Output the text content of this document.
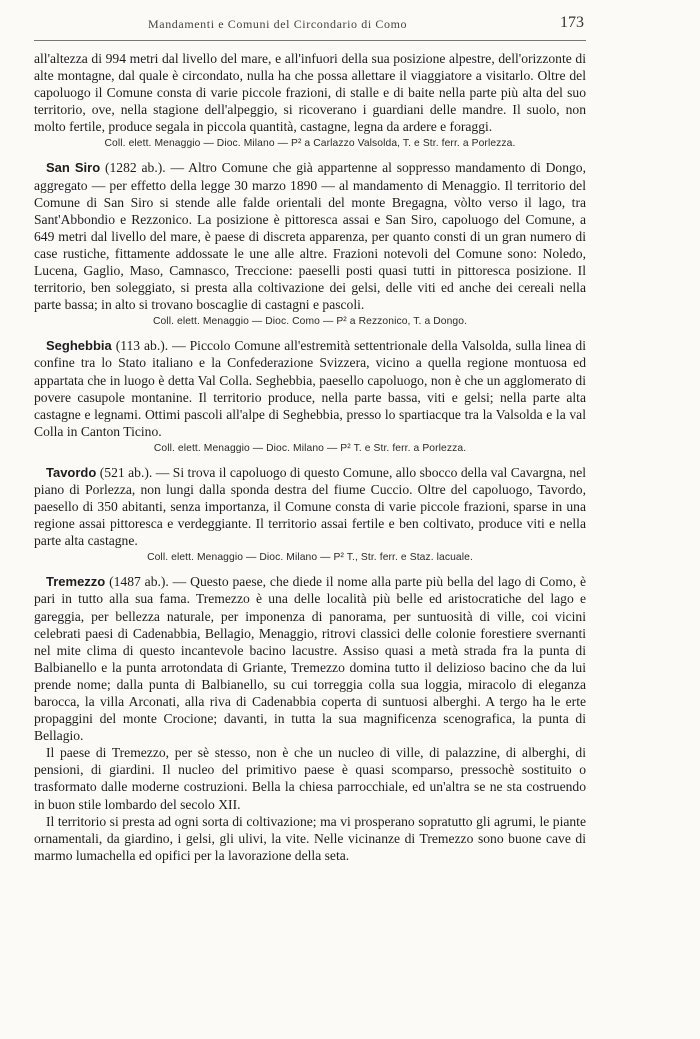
Mandamenti e Comuni del Circondario di Como	173

all'altezza di 994 metri dal livello del mare, e all'infuori della sua posizione alpestre, dell'orizzonte di alte montagne, dal quale è circondato, nulla ha che possa allettare il viaggiatore a visitarlo. Oltre del capoluogo il Comune consta di varie piccole frazioni, di stalle e di baite nella parte più alta del suo territorio, ove, nella stagione dell'alpeggio, si ricoverano i guardiani delle mandre. Il suolo, non molto fertile, produce segala in piccola quantità, castagne, legna da ardere e foraggi.

Coll. elett. Menaggio — Dioc. Milano — P² a Carlazzo Valsolda, T. e Str. ferr. a Porlezza.

San Siro (1282 ab.). — Altro Comune che già appartenne al soppresso mandamento di Dongo, aggregato — per effetto della legge 30 marzo 1890 — al mandamento di Menaggio. Il territorio del Comune di San Siro si stende alle falde orientali del monte Bregagna, vòlto verso il lago, tra Sant'Abbondio e Rezzonico. La posizione è pittoresca assai e San Siro, capoluogo del Comune, a 649 metri dal livello del mare, è paese di discreta apparenza, per quanto consti di un gran numero di case rustiche, fittamente addossate le une alle altre. Frazioni notevoli del Comune sono: Noledo, Lucena, Gaglio, Maso, Camnasco, Treccione: paeselli posti quasi tutti in pittoresca posizione. Il territorio, ben soleggiato, si presta alla coltivazione dei gelsi, delle viti ed anche dei cereali nella parte bassa; in alto si trovano boscaglie di castagni e pascoli.

Coll. elett. Menaggio — Dioc. Como — P² a Rezzonico, T. a Dongo.

Seghebbia (113 ab.). — Piccolo Comune all'estremità settentrionale della Valsolda, sulla linea di confine tra lo Stato italiano e la Confederazione Svizzera, vicino a quella regione montuosa ed appartata che in luogo è detta Val Colla. Seghebbia, paesello capoluogo, non è che un agglomerato di povere casupole montanine. Il territorio produce, nella parte bassa, viti e gelsi; nella parte alta castagne e legnami. Ottimi pascoli all'alpe di Seghebbia, presso lo spartiacque tra la Valsolda e la val Colla in Canton Ticino.

Coll. elett. Menaggio — Dioc. Milano — P² T. e Str. ferr. a Porlezza.

Tavordo (521 ab.). — Si trova il capoluogo di questo Comune, allo sbocco della val Cavargna, nel piano di Porlezza, non lungi dalla sponda destra del fiume Cuccio. Oltre del capoluogo, Tavordo, paesello di 350 abitanti, senza importanza, il Comune consta di varie piccole frazioni, sparse in una regione assai pittoresca e verdeggiante. Il territorio assai fertile e ben coltivato, produce viti e nella parte alta castagne.

Coll. elett. Menaggio — Dioc. Milano — P² T., Str. ferr. e Staz. lacuale.

Tremezzo (1487 ab.). — Questo paese, che diede il nome alla parte più bella del lago di Como, è pari in tutto alla sua fama. Tremezzo è una delle località più belle ed aristocratiche del lago e gareggia, per bellezza naturale, per imponenza di panorama, per suntuosità di ville, coi vicini celebrati paesi di Cadenabbia, Bellagio, Menaggio, ritrovi classici delle colonie forestiere svernanti nel mite clima di questo incantevole bacino lacustre. Assiso quasi a metà strada fra la punta di Balbianello e la punta arrotondata di Griante, Tremezzo domina tutto il delizioso bacino che da lui prende nome; dalla punta di Balbianello, su cui torreggia colla sua loggia, miracolo di eleganza barocca, la villa Arconati, alla riva di Cadenabbia coperta di suntuosi alberghi. A tergo ha le erte propaggini del monte Crocione; davanti, in tutta la sua magnificenza scenografica, la punta di Bellagio.

Il paese di Tremezzo, per sè stesso, non è che un nucleo di ville, di palazzine, di alberghi, di pensioni, di giardini. Il nucleo del primitivo paese è quasi scomparso, pressochè sostituito o trasformato dalle moderne costruzioni. Bella la chiesa parrocchiale, ed un'altra se ne sta costruendo in buon stile lombardo del secolo XII.

Il territorio si presta ad ogni sorta di coltivazione; ma vi prosperano sopratutto gli agrumi, le piante ornamentali, da giardino, i gelsi, gli ulivi, la vite. Nelle vicinanze di Tremezzo sono buone cave di marmo lumachella ed opifici per la lavorazione della seta.
